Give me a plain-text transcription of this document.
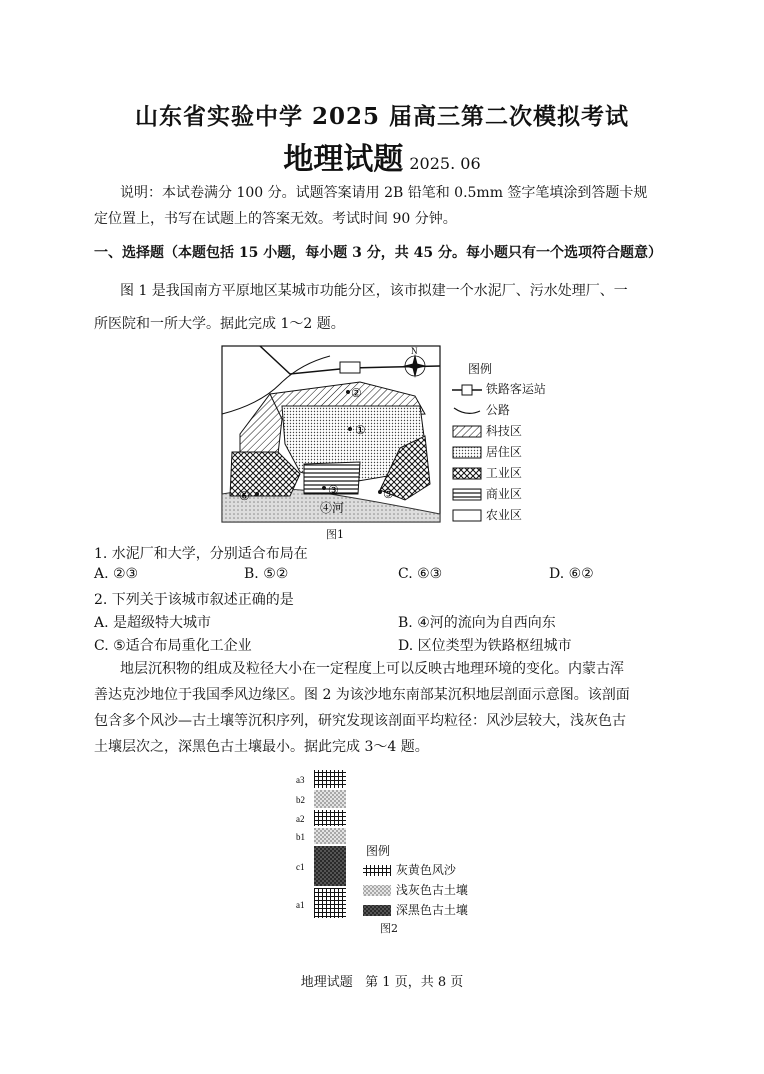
山东省实验中学 2025 届高三第二次模拟考试
地理试题 2025. 06
说明：本试卷满分 100 分。试题答案请用 2B 铅笔和 0.5mm 签字笔填涂到答题卡规
定位置上，书写在试题上的答案无效。考试时间 90 分钟。
一、选择题（本题包括 15 小题，每小题 3 分，共 45 分。每小题只有一个选项符合题意）
图 1 是我国南方平原地区某城市功能分区，该市拟建一个水泥厂、污水处理厂、一
所医院和一所大学。据此完成 1～2 题。
N
①
②
③	⑤
⑥
④河
图1
图例
铁路客运站
公路
科技区
居住区
工业区
商业区
农业区
1. 水泥厂和大学，分别适合布局在
A. ②③	B. ⑤②	C. ⑥③	D. ⑥②
2. 下列关于该城市叙述正确的是
A. 是超级特大城市	B. ④河的流向为自西向东
C. ⑤适合布局重化工企业	D. 区位类型为铁路枢纽城市
地层沉积物的组成及粒径大小在一定程度上可以反映古地理环境的变化。内蒙古浑
善达克沙地位于我国季风边缘区。图 2 为该沙地东南部某沉积地层剖面示意图。该剖面
包含多个风沙—古土壤等沉积序列，研究发现该剖面平均粒径：风沙层较大，浅灰色古
土壤层次之，深黑色古土壤最小。据此完成 3～4 题。
a3
b2
a2
b1
c1
a1
图例
灰黄色风沙
浅灰色古土壤
深黑色古土壤
图2
地理试题   第 1 页，共 8 页
